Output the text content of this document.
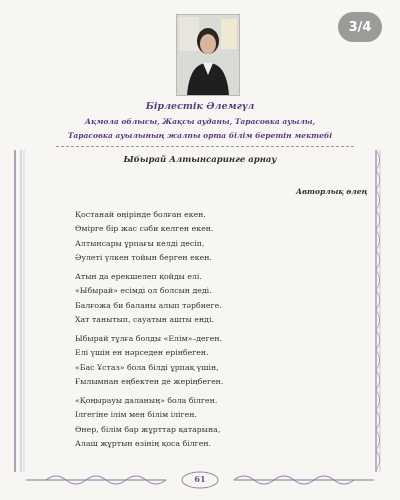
3/4
Бірлестік Әлемгүл
Ақмола облысы, Жақсы ауданы, Тарасовка ауылы,
Тарасовка ауылының жалпы орта білім беретін мектебі
Ыбырай Алтынсаринге арнау
Авторлық өлең
Қостанай өңірінде болған екен.
Өмірге бір жас сәби келген екен.
Алтынсары ұрпағы келді десіп,
Әулеті үлкен тойын берген екен.
Атын да ерекшелеп қойды елі.
«Ыбырай» есімді ол болсын деді.
Балғожа би баланы алып тәрбиеге.
Хат танытып, сауатын ашты енді.
Ыбырай тұлға болды «Елім»–деген.
Елі үшін ен нәрседен ерінбеген.
«Бас Ұстаз» бола білді ұрпақ үшін,
Ғылымнан еңбектен де жеріңбеген.
«Қоңырауы даланың» бола білген.
Ілгегіне ілім мен білім іліген.
Өнер, білім бар жұрттар қатарына,
Алаш жұртын өзінің қоса білген.
61
